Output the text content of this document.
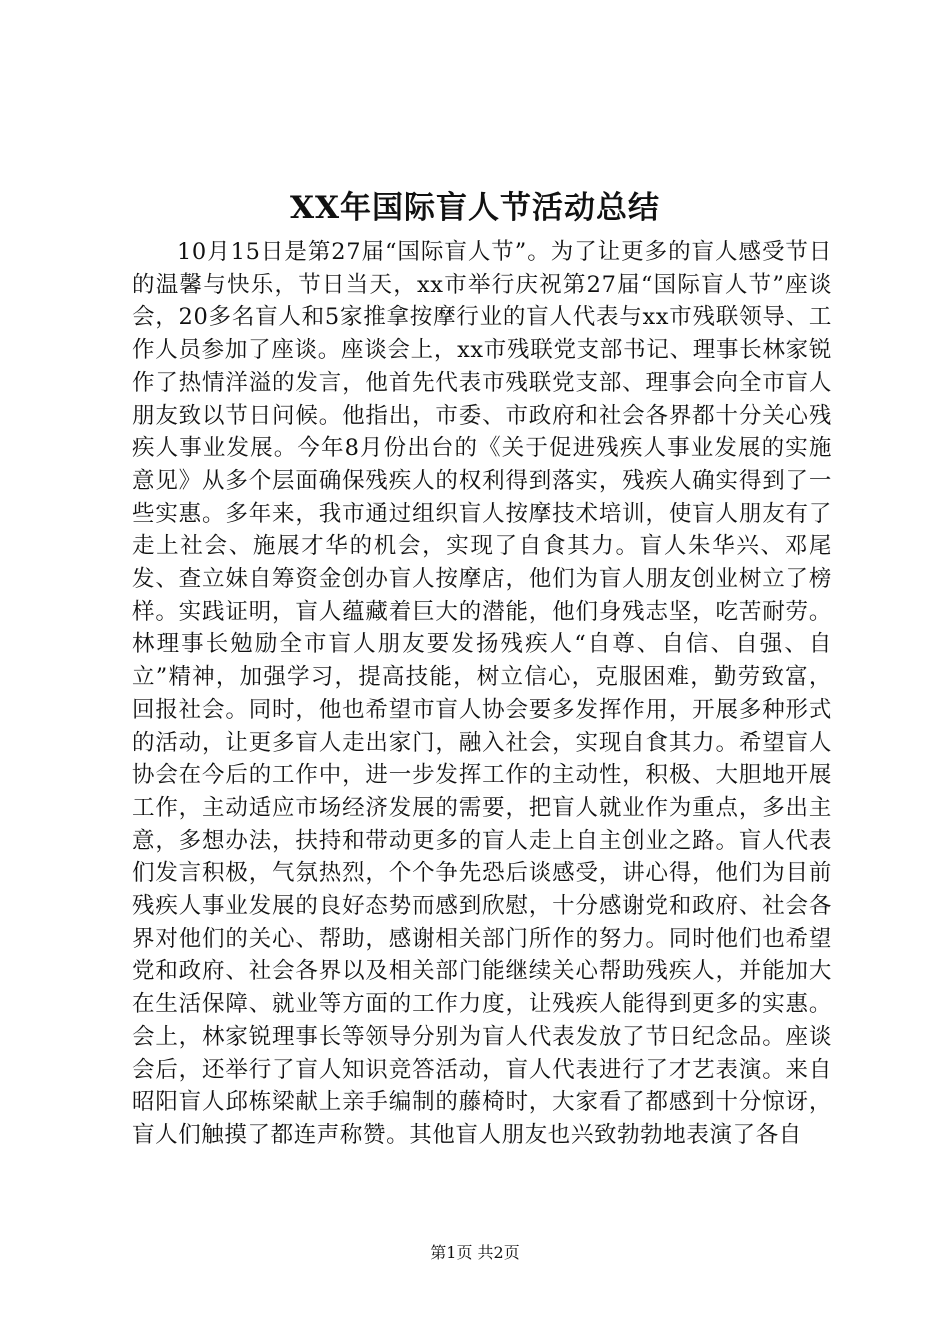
XX年国际盲人节活动总结

10月15日是第27届“国际盲人节”。为了让更多的盲人感受节日的温馨与快乐，节日当天，xx市举行庆祝第27届“国际盲人节”座谈会，20多名盲人和5家推拿按摩行业的盲人代表与xx市残联领导、工作人员参加了座谈。座谈会上，xx市残联党支部书记、理事长林家锐作了热情洋溢的发言，他首先代表市残联党支部、理事会向全市盲人朋友致以节日问候。他指出，市委、市政府和社会各界都十分关心残疾人事业发展。今年8月份出台的《关于促进残疾人事业发展的实施意见》从多个层面确保残疾人的权利得到落实，残疾人确实得到了一些实惠。多年来，我市通过组织盲人按摩技术培训，使盲人朋友有了走上社会、施展才华的机会，实现了自食其力。盲人朱华兴、邓尾发、查立妹自筹资金创办盲人按摩店，他们为盲人朋友创业树立了榜样。实践证明，盲人蕴藏着巨大的潜能，他们身残志坚，吃苦耐劳。林理事长勉励全市盲人朋友要发扬残疾人“自尊、自信、自强、自立”精神，加强学习，提高技能，树立信心，克服困难，勤劳致富，回报社会。同时，他也希望市盲人协会要多发挥作用，开展多种形式的活动，让更多盲人走出家门，融入社会，实现自食其力。希望盲人协会在今后的工作中，进一步发挥工作的主动性，积极、大胆地开展工作，主动适应市场经济发展的需要，把盲人就业作为重点，多出主意，多想办法，扶持和带动更多的盲人走上自主创业之路。盲人代表们发言积极，气氛热烈，个个争先恐后谈感受，讲心得，他们为目前残疾人事业发展的良好态势而感到欣慰，十分感谢党和政府、社会各界对他们的关心、帮助，感谢相关部门所作的努力。同时他们也希望党和政府、社会各界以及相关部门能继续关心帮助残疾人，并能加大在生活保障、就业等方面的工作力度，让残疾人能得到更多的实惠。会上，林家锐理事长等领导分别为盲人代表发放了节日纪念品。座谈会后，还举行了盲人知识竞答活动，盲人代表进行了才艺表演。来自昭阳盲人邱栋梁献上亲手编制的藤椅时，大家看了都感到十分惊讶，盲人们触摸了都连声称赞。其他盲人朋友也兴致勃勃地表演了各自

第1页 共2页
